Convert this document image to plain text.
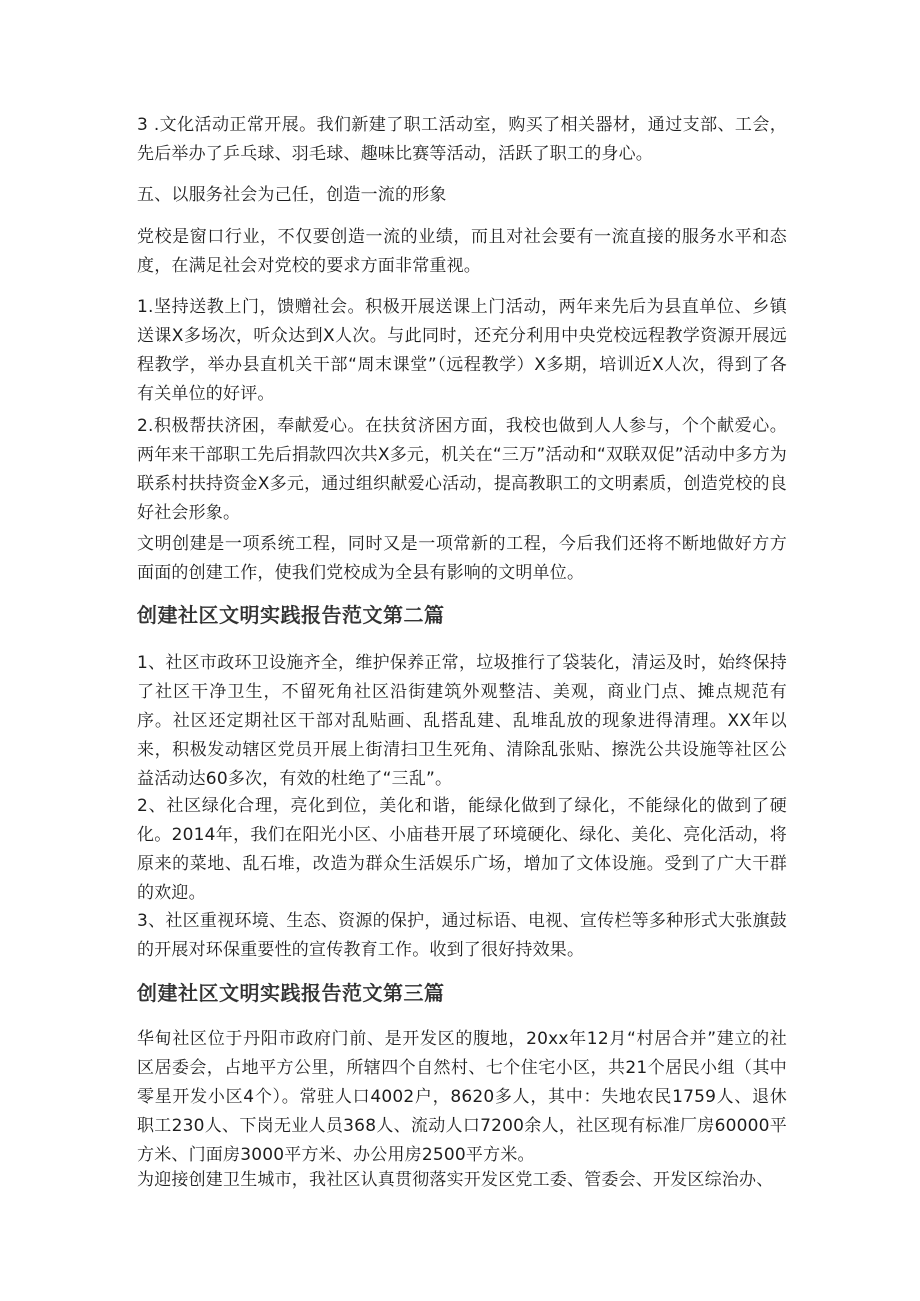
3 .文化活动正常开展。我们新建了职工活动室，购买了相关器材，通过支部、工会，先后举办了乒乓球、羽毛球、趣味比赛等活动，活跃了职工的身心。

五、以服务社会为己任，创造一流的形象

党校是窗口行业，不仅要创造一流的业绩，而且对社会要有一流直接的服务水平和态度，在满足社会对党校的要求方面非常重视。

1.坚持送教上门，馈赠社会。积极开展送课上门活动，两年来先后为县直单位、乡镇送课X多场次，听众达到X人次。与此同时，还充分利用中央党校远程教学资源开展远程教学，举办县直机关干部“周末课堂”（远程教学）X多期，培训近X人次，得到了各有关单位的好评。

2.积极帮扶济困，奉献爱心。在扶贫济困方面，我校也做到人人参与，个个献爱心。两年来干部职工先后捐款四次共X多元，机关在“三万”活动和“双联双促”活动中多方为联系村扶持资金X多元，通过组织献爱心活动，提高教职工的文明素质，创造党校的良好社会形象。

文明创建是一项系统工程，同时又是一项常新的工程，今后我们还将不断地做好方方面面的创建工作，使我们党校成为全县有影响的文明单位。

创建社区文明实践报告范文第二篇

1、社区市政环卫设施齐全，维护保养正常，垃圾推行了袋装化，清运及时，始终保持了社区干净卫生，不留死角社区沿街建筑外观整洁、美观，商业门点、摊点规范有序。社区还定期社区干部对乱贴画、乱搭乱建、乱堆乱放的现象进得清理。XX年以来，积极发动辖区党员开展上街清扫卫生死角、清除乱张贴、擦洗公共设施等社区公益活动达60多次，有效的杜绝了“三乱”。

2、社区绿化合理，亮化到位，美化和谐，能绿化做到了绿化，不能绿化的做到了硬化。2014年，我们在阳光小区、小庙巷开展了环境硬化、绿化、美化、亮化活动，将原来的菜地、乱石堆，改造为群众生活娱乐广场，增加了文体设施。受到了广大干群的欢迎。

3、社区重视环境、生态、资源的保护，通过标语、电视、宣传栏等多种形式大张旗鼓的开展对环保重要性的宣传教育工作。收到了很好持效果。

创建社区文明实践报告范文第三篇

华甸社区位于丹阳市政府门前、是开发区的腹地，20xx年12月“村居合并”建立的社区居委会，占地平方公里，所辖四个自然村、七个住宅小区，共21个居民小组（其中零星开发小区4个）。常驻人口4002户，8620多人，其中：失地农民1759人、退休职工230人、下岗无业人员368人、流动人口7200余人，社区现有标准厂房60000平方米、门面房3000平方米、办公用房2500平方米。

为迎接创建卫生城市，我社区认真贯彻落实开发区党工委、管委会、开发区综治办、
